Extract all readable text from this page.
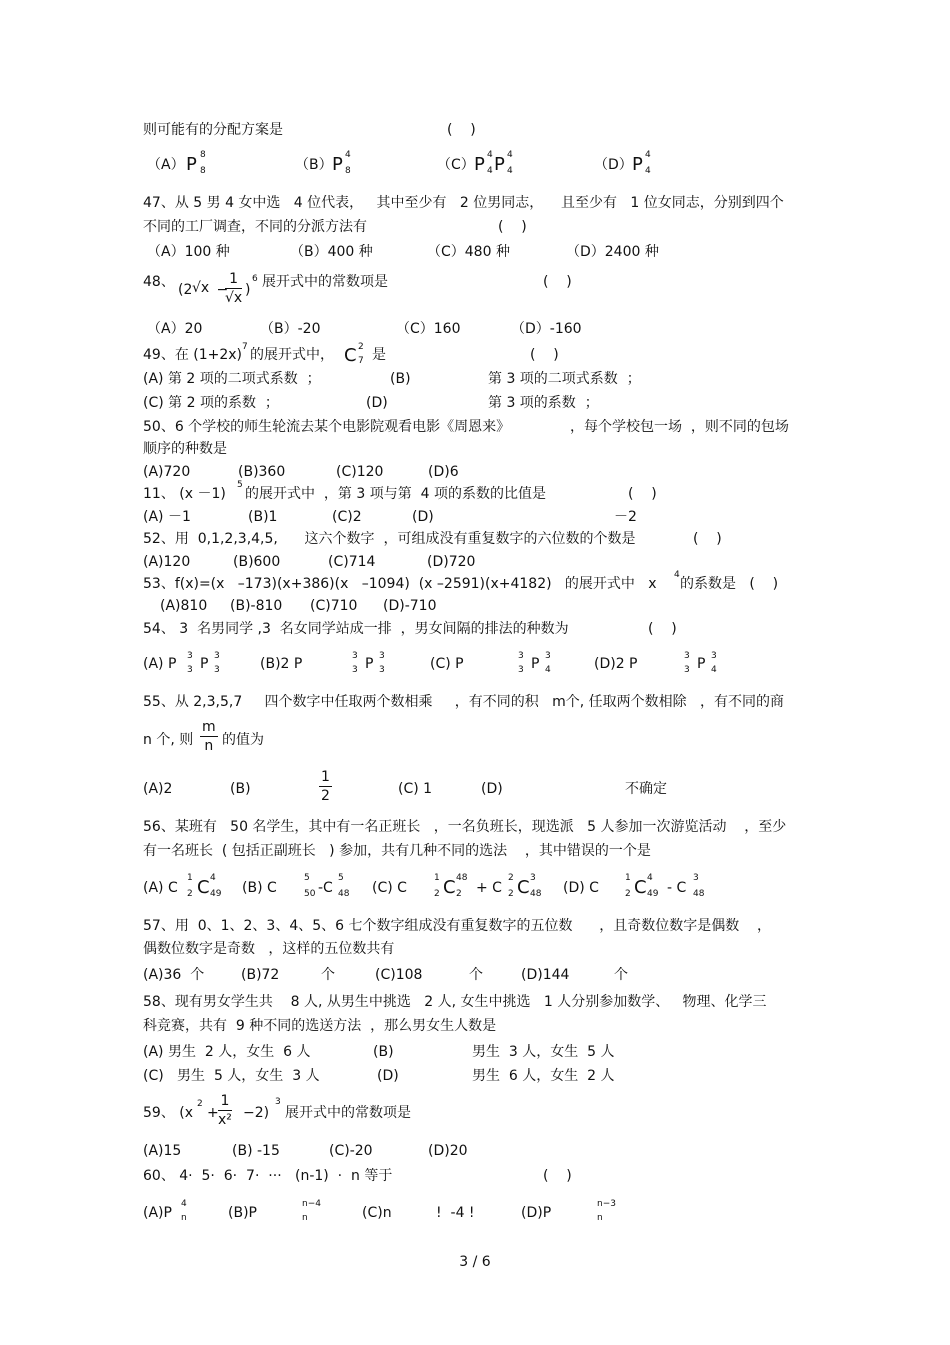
3 / 6
则可能有的分配方案是	(    )
（A）	（B）	（C）	（D）
47、从 5 男 4 女中选   4 位代表，   其中至少有   2 位男同志，    且至少有   1 位女同志，分别到四个
不同的工厂调查，不同的分派方法有	(    )
（A）100 种	（B）400 种	（C）480 种	（D）2400 种
48、	展开式中的常数项是	(    )
（A）20	（B）-20	（C）160	（D）-160
49、在 (1+2x) 的展开式中，	是	(    )
(A) 第 2 项的二项式系数  ；	(B)	第 3 项的二项式系数  ；
(C) 第 2 项的系数  ；	(D)	第 3 项的系数  ；
50、6 个学校的师生轮流去某个电影院观看电影《周恩来》	，每个学校包一场  ，则不同的包场
顺序的种数是
(A)720	(B)360	(C)120	(D)6
11、 (x －1) 的展开式中  ，第 3 项与第  4 项的系数的比值是	(    )
(A) －1	(B)1	(C)2	(D)	－2
52、用  0,1,2,3,4,5,      这六个数字  ，可组成没有重复数字的六位数的个数是	(    )
(A)120	(B)600	(C)714	(D)720
53、f(x)=(x   –173)(x+386)(x   –1094)  (x –2591)(x+4182)   的展开式中   x 的系数是   (    )
(A)810 (B)-810 (C)710 (D)-710
54、 3  名男同学 ,3  名女同学站成一排  ，男女间隔的排法的种数为	(    )
(A) P	(B)2 P	(C) P	(D)2 P
55、从 2,3,5,7     四个数字中任取两个数相乘     ，有不同的积   m个, 任取两个数相除   ，有不同的商
n 个, 则 的值为
(A)2	(B)	(C) 1	(D)	不确定
56、某班有   50 名学生，其中有一名正班长   ，一名负班长，现选派   5 人参加一次游览活动    ，至少
有一名班长  ( 包括正副班长   ) 参加，共有几种不同的选法    ，其中错误的一个是
(A) C	(B) C	(C) C	(D) C
57、用  0、1、2、3、4、5、6 七个数字组成没有重复数字的五位数      ，且奇数位数字是偶数    ，
偶数位数字是奇数   ，这样的五位数共有
(A)36  个	(B)72	个	(C)108	个	(D)144	个
58、现有男女学生共    8 人, 从男生中挑选   2 人, 女生中挑选   1 人分别参加数学、   物理、化学三
科竞赛，共有  9 种不同的选送方法  ，那么男女生人数是
(A) 男生  2 人，女生  6 人	(B)	男生  3 人，女生  5 人
(C)   男生  5 人，女生  3 人	(D)	男生  6 人，女生  2 人
59、 (x	展开式中的常数项是
(A)15	(B) -15	(C)-20	(D)20
60、 4·  5·  6·  7·  ···   (n-1)  ·  n 等于	(    )
(A)P	(B)P	(C)n	!  -4 !	(D)P
P 8
8	P 4
8	P 4
4 P 4
4	P 4
4
(2 √x − )
6
7	C 2
7
5
4
3
3 P 3
3
3
3 P 3
3
3
3 P 3
4
3
3 P 3
4
1
2 C 4
49
5
50 -C
5
48
1
2 C 48
2 + C
2
2 C 3
48
1
2 C 4
49 - C
3
48
2
+ −2)
3
4
n
n−4
n
n−3
n
$\frac{1}{√x}$
$\frac{m}{n}$
$\frac{1}{2}$
$\frac{1}{\text{x²}}$
